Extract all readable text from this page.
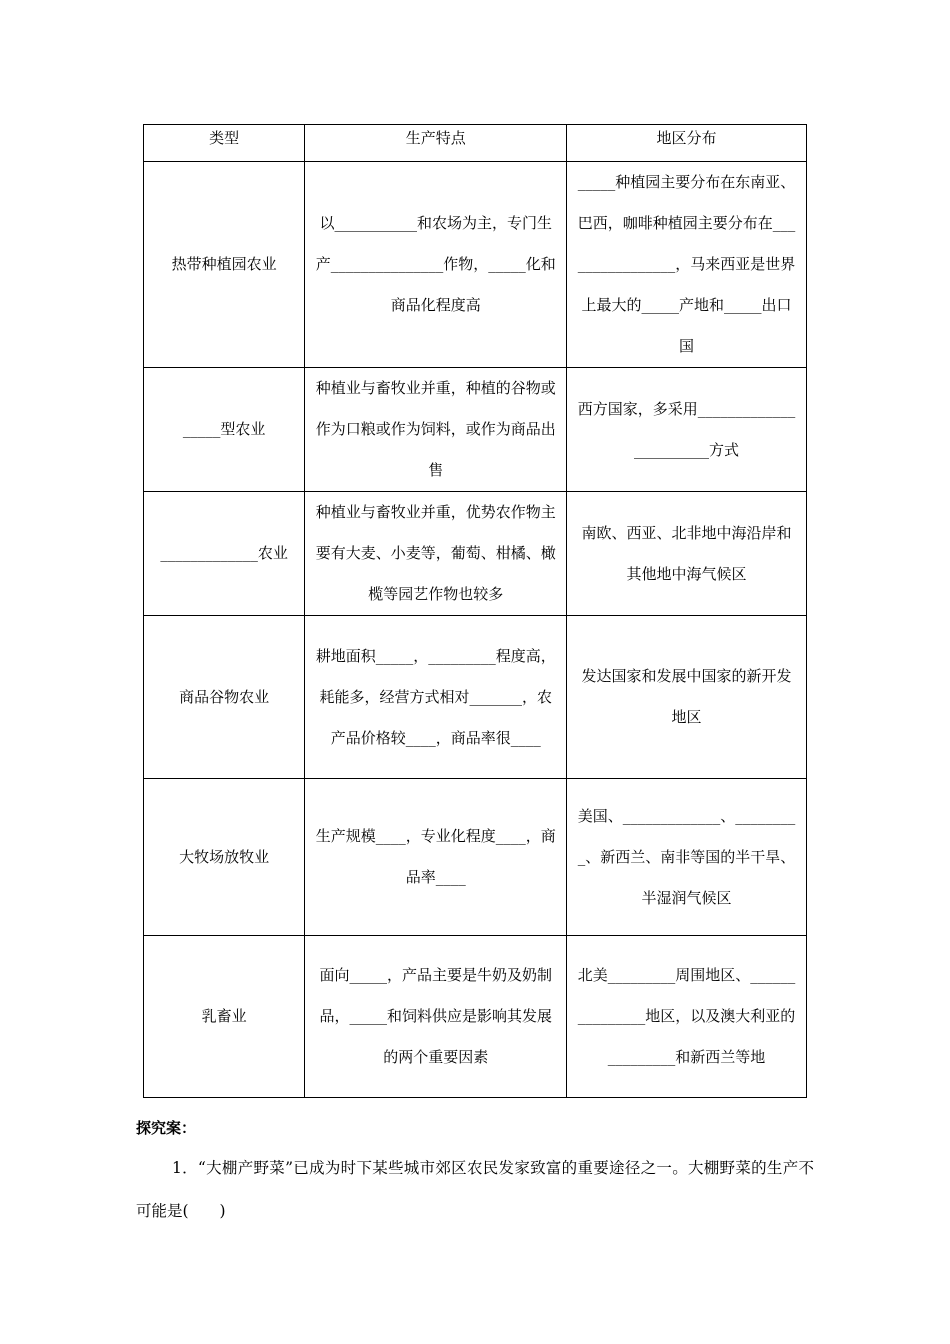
类型	生产特点	地区分布
热带种植园农业	以___________和农场为主，专门生产_______________作物，_____化和商品化程度高	_____种植园主要分布在东南亚、巴西，咖啡种植园主要分布在________________，马来西亚是世界上最大的_____产地和_____出口国
_____型农业	种植业与畜牧业并重，种植的谷物或作为口粮或作为饲料，或作为商品出售	西方国家，多采用_______________________方式
_____________农业	种植业与畜牧业并重，优势农作物主要有大麦、小麦等，葡萄、柑橘、橄榄等园艺作物也较多	南欧、西亚、北非地中海沿岸和其他地中海气候区
商品谷物农业	耕地面积_____，_________程度高，耗能多，经营方式相对_______，农产品价格较____，商品率很____	发达国家和发展中国家的新开发地区
大牧场放牧业	生产规模____，专业化程度____，商品率____	美国、_____________、_________、新西兰、南非等国的半干旱、半湿润气候区
乳畜业	面向_____，产品主要是牛奶及奶制品，_____和饲料供应是影响其发展的两个重要因素	北美_________周围地区、_______________地区，以及澳大利亚的_________和新西兰等地
探究案：
1．“大棚产野菜”已成为时下某些城市郊区农民发家致富的重要途径之一。大棚野菜的生产不可能是(　　)
